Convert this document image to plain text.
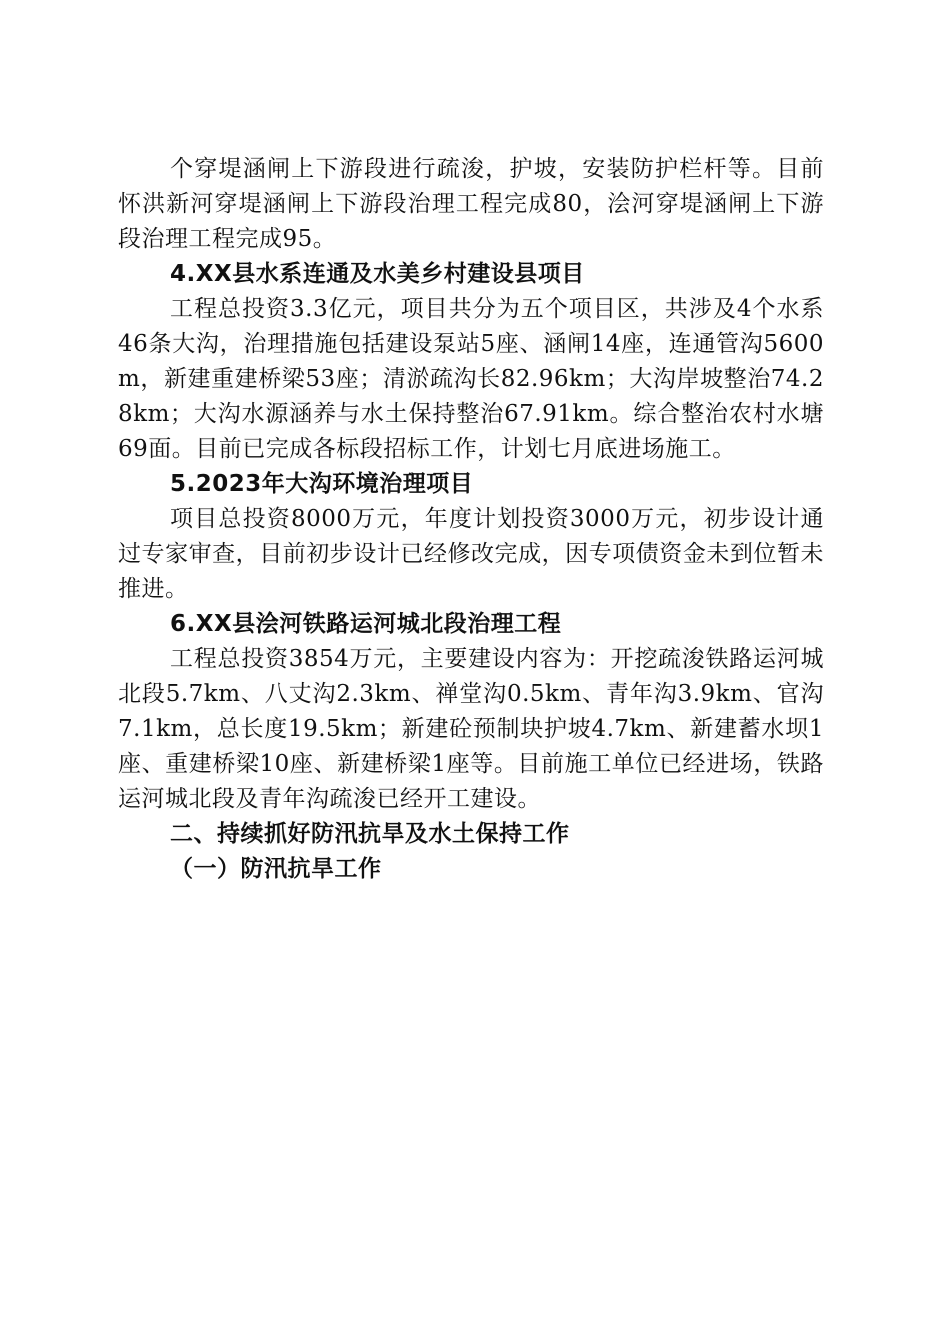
个穿堤涵闸上下游段进行疏浚，护坡，安装防护栏杆等。目前怀洪新河穿堤涵闸上下游段治理工程完成80，浍河穿堤涵闸上下游段治理工程完成95。

4.XX县水系连通及水美乡村建设县项目

工程总投资3.3亿元，项目共分为五个项目区，共涉及4个水系46条大沟，治理措施包括建设泵站5座、涵闸14座，连通管沟5600m，新建重建桥梁53座；清淤疏沟长82.96km；大沟岸坡整治74.28km；大沟水源涵养与水土保持整治67.91km。综合整治农村水塘69面。目前已完成各标段招标工作，计划七月底进场施工。

5.2023年大沟环境治理项目

项目总投资8000万元，年度计划投资3000万元，初步设计通过专家审查，目前初步设计已经修改完成，因专项债资金未到位暂未推进。

6.XX县浍河铁路运河城北段治理工程

工程总投资3854万元，主要建设内容为：开挖疏浚铁路运河城北段5.7km、八丈沟2.3km、禅堂沟0.5km、青年沟3.9km、官沟7.1km，总长度19.5km；新建砼预制块护坡4.7km、新建蓄水坝1座、重建桥梁10座、新建桥梁1座等。目前施工单位已经进场，铁路运河城北段及青年沟疏浚已经开工建设。

二、持续抓好防汛抗旱及水土保持工作

（一）防汛抗旱工作
